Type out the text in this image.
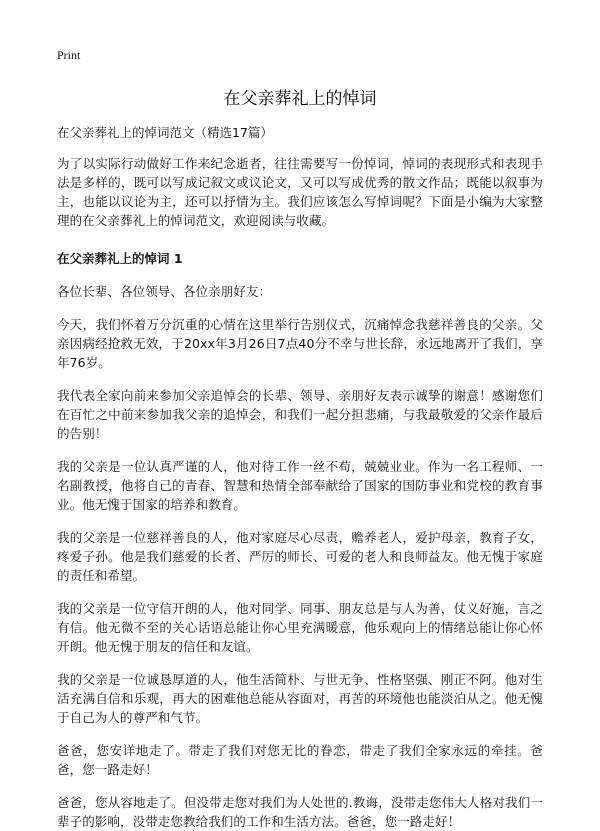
Print
在父亲葬礼上的悼词

在父亲葬礼上的悼词范文（精选17篇）

为了以实际行动做好工作来纪念逝者，往往需要写一份悼词，悼词的表现形式和表现手法是多样的，既可以写成记叙文或议论文，又可以写成优秀的散文作品；既能以叙事为主，也能以议论为主，还可以抒情为主。我们应该怎么写悼词呢？下面是小编为大家整理的在父亲葬礼上的悼词范文，欢迎阅读与收藏。

在父亲葬礼上的悼词 1

各位长辈、各位领导、各位亲朋好友：

今天，我们怀着万分沉重的心情在这里举行告别仪式，沉痛悼念我慈祥善良的父亲。父亲因病经抢救无效，于20xx年3月26日7点40分不幸与世长辞，永远地离开了我们，享年76岁。

我代表全家向前来参加父亲追悼会的长辈、领导、亲朋好友表示诚挚的谢意！感谢您们在百忙之中前来参加我父亲的追悼会，和我们一起分担悲痛，与我最敬爱的父亲作最后的告别！

我的父亲是一位认真严谨的人，他对待工作一丝不苟，兢兢业业。作为一名工程师、一名副教授，他将自己的青春、智慧和热情全部奉献给了国家的国防事业和党校的教育事业。他无愧于国家的培养和教育。

我的父亲是一位慈祥善良的人，他对家庭尽心尽责，赡养老人，爱护母亲，教育子女，疼爱子孙。他是我们慈爱的长者、严厉的师长、可爱的老人和良师益友。他无愧于家庭的责任和希望。

我的父亲是一位守信开朗的人，他对同学、同事、朋友总是与人为善，仗义好施，言之有信。他无微不至的关心话语总能让你心里充满暖意，他乐观向上的情绪总能让你心怀开朗。他无愧于朋友的信任和友谊。

我的父亲是一位诚恳厚道的人，他生活简朴、与世无争、性格坚强、刚正不阿。他对生活充满自信和乐观，再大的困难他总能从容面对，再苦的环境他也能淡泊从之。他无愧于自己为人的尊严和气节。

爸爸，您安详地走了。带走了我们对您无比的眷恋，带走了我们全家永远的牵挂。爸爸，您一路走好！

爸爸，您从容地走了。但没带走您对我们为人处世的.教诲，没带走您伟大人格对我们一辈子的影响，没带走您教给我们的工作和生活方法。爸爸，您一路走好！
